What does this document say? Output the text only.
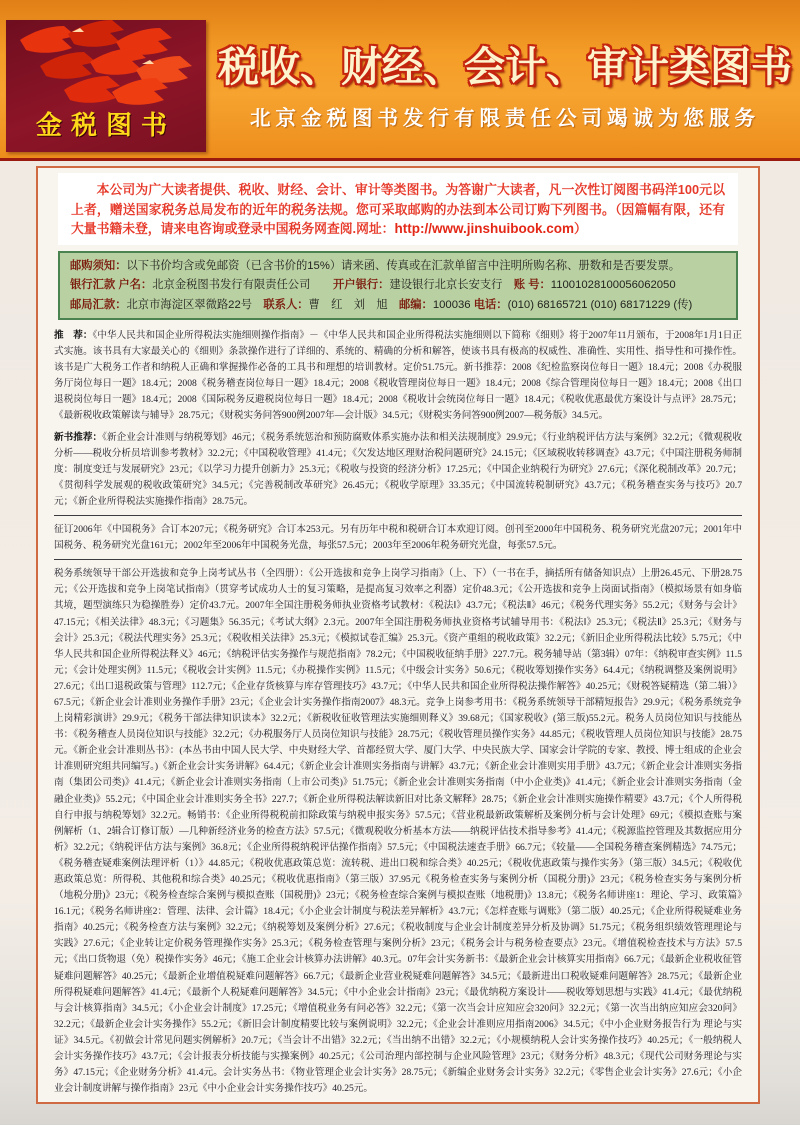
金税图书
税收、财经、会计、审计类图书
北京金税图书发行有限责任公司竭诚为您服务

本公司为广大读者提供、税收、财经、会计、审计等类图书。为答谢广大读者，凡一次性订阅图书码洋100元以上者，赠送国家税务总局发布的近年的税务法规。您可采取邮购的办法到本公司订购下列图书。（因篇幅有限，还有大量书籍未登，请来电咨询或登录中国税务网查阅.网址：http://www.jinshuibook.com）

邮购须知：以下书价均含或免邮资（已含书价的15%）请来函、传真或在汇款单留言中注明所购名称、册数和是否要发票。
银行汇款 户名：北京金税图书发行有限责任公司　　开户银行：建设银行北京长安支行　账 号：11001028100056062050
邮局汇款：北京市海淀区翠微路22号　联系人：曹　红　刘　旭　邮编：100036 电话：(010) 68165721 (010) 68171229 (传)

推　荐：《中华人民共和国企业所得税法实施细则操作指南》－《中华人民共和国企业所得税法实施细则以下简称《细则》将于2007年11月颁布，于2008年1月1日正式实施。该书具有大家最关心的《细则》条款操作进行了详细的、系统的、精确的分析和解答，使该书具有极高的权威性、准确性、实用性、指导性和可操作性。该书是广大税务工作者和纳税人正确和掌握操作必备的工具书和理想的培训教材。定价51.75元。新书推荐：2008《纪检监察岗位每日一题》18.4元；2008《办税服务厅岗位每日一题》18.4元；2008《税务稽查岗位每日一题》18.4元；2008《税收管理岗位每日一题》18.4元；2008《综合管理岗位每日一题》18.4元；2008《出口退税岗位每日一题》18.4元；2008《国际税务反避税岗位每日一题》18.4元；2008《税收计会统岗位每日一题》18.4元；《税收优惠最优方案设计与点评》28.75元；《最新税收政策解读与辅导》28.75元；《财税实务问答900例2007年—会计版》34.5元；《财税实务问答900例2007—税务版》34.5元。

新书推荐：《新企业会计准则与纳税筹划》46元；《税务系统惩治和预防腐败体系实施办法和相关法规制度》29.9元；《行业纳税评估方法与案例》32.2元；《微观税收分析——税收分析员培训参考教材》32.2元；《中国税收管理》41.4元；《欠发达地区理财治税问题研究》24.15元；《区域税收转移调查》43.7元；《中国注册税务师制度：制度变迁与发展研究》23元；《以学习力提升创新力》25.3元；《税收与投资的经济分析》17.25元；《中国企业纳税行为研究》27.6元；《深化税制改革》20.7元；《贯彻科学发展观的税收政策研究》34.5元；《完善税制改革研究》26.45元；《税收学原理》33.35元；《中国流转税制研究》43.7元；《税务稽查实务与技巧》20.7元；《新企业所得税法实施操作指南》28.75元。

征订2006年《中国税务》合订本207元；《税务研究》合订本253元。另有历年中税和税研合订本欢迎订阅。创刊至2000年中国税务、税务研究光盘207元；2001年中国税务、税务研究光盘161元；2002年至2006年中国税务光盘，每张57.5元；2003年至2006年税务研究光盘，每张57.5元。

税务系统领导干部公开选拔和竞争上岗考试丛书（全四册）：《公开选拔和竞争上岗学习指南》（上、下）（一书在手，摘括所有储备知识点）上册26.45元、下册28.75元；《公开选拔和竞争上岗笔试指南》（贯穿考试成功人士的复习策略，是提高复习效率之利器）定价48.3元；《公开选拔和竞争上岗面试指南》（模拟场景有如身临其境，题型演练只为稳操胜券）定价43.7元。2007年全国注册税务师执业资格考试教材：《税法Ⅰ》43.7元；《税法Ⅱ》46元；《税务代理实务》55.2元；《财务与会计》47.15元；《相关法律》48.3元；《习题集》56.35元；《考试大纲》2.3元。2007年全国注册税务师执业资格考试辅导用书：《税法Ⅰ》25.3元；《税法Ⅱ》25.3元；《财务与会计》25.3元；《税法代理实务》25.3元；《税收相关法律》25.3元；《模拟试卷汇编》25.3元。《资产重组的税收政策》32.2元；《新旧企业所得税法比较》5.75元；《中华人民共和国企业所得税法释义》46元；《纳税评估实务操作与规范指南》78.2元；《中国税收征纳手册》227.7元。税务辅导站（第3辑）07年：《纳税审查实例》11.5元；《会计处理实例》11.5元；《税收会计实例》11.5元；《办税操作实例》11.5元；《中级会计实务》50.6元；《税收筹划操作实务》64.4元；《纳税调整及案例说明》27.6元；《出口退税政策与管理》112.7元；《企业存货核算与库存管理技巧》43.7元；《中华人民共和国企业所得税法操作解答》40.25元；《财税答疑精选（第二辑）》67.5元；《新企业会计准则业务操作手册》23元；《企业会计实务操作指南2007》48.3元。竞争上岗参考用书：《税务系统领导干部精短报告》29.9元；《税务系统竞争上岗精彩演讲》29.9元；《税务干部法律知识读本》32.2元；《新税收征收管理法实施细则释义》39.68元；《国家税收》(第三版)55.2元。税务人员岗位知识与技能丛书：《税务稽查人员岗位知识与技能》32.2元；《办税服务厅人员岗位知识与技能》28.75元；《税收管理员操作实务》44.85元；《税收管理人员岗位知识与技能》28.75元。《新企业会计准则丛书》：(本丛书由中国人民大学、中央财经大学、首都经贸大学、厦门大学、中央民族大学、国家会计学院的专家、教授、博士组成的企业会计准则研究组共同编写。)《新企业会计实务讲解》64.4元；《新企业会计准则实务指南与讲解》43.7元；《新企业会计准则实用手册》43.7元；《新企业会计准则实务指南（集团公司类)》41.4元；《新企业会计准则实务指南（上市公司类)》51.75元；《新企业会计准则实务指南（中小企业类)》41.4元；《新企业会计准则实务指南（金融企业类)》55.2元；《中国企业会计准则实务全书》227.7；《新企业所得税法解读新旧对比条文解释》28.75；《新企业会计准则实施操作精要》43.7元；《个人所得税自行申报与纳税筹划》32.2元。畅销书：《企业所得税税前扣除政策与纳税申报实务》57.5元；《营业税最新政策解析及案例分析与会计处理》69元；《模拟查账与案例解析（1、2辑合订修订版）—几种新经济业务的检查方法》57.5元；《微观税收分析基本方法——纳税评估技术指导参考》41.4元；《税源监控管理及其数据应用分析》32.2元；《纳税评估方法与案例》36.8元；《企业所得税纳税评估操作指南》57.5元；《中国税法速查手册》66.7元；《较量——全国税务稽查案例精选》74.75元；《税务稽查疑难案例法理评析（1）》44.85元；《税收优惠政策总览：流转税、进出口税和综合类》40.25元；《税收优惠政策与操作实务》（第三版）34.5元；《税收优惠政策总览：所得税、其他税和综合类》40.25元；《税收优惠指南》（第三版）37.95元《税务检查实务与案例分析（国税分册)》23元；《税务检查实务与案例分析（地税分册)》23元；《税务检查综合案例与模拟查账（国税册)》23元；《税务检查综合案例与模拟查账（地税册)》13.8元；《税务名师讲座1：理论、学习、政策篇》16.1元；《税务名师讲座2：管理、法律、会计篇》18.4元；《小企业会计制度与税法差异解析》43.7元；《怎样查账与调账》（第二版）40.25元；《企业所得税疑难业务指南》40.25元；《税务检查方法与案例》32.2元；《纳税筹划及案例分析》27.6元；《税收制度与企业会计制度差异分析及协调》51.75元；《税务组织绩效管理理论与实践》27.6元；《企业转让定价税务管理操作实务》25.3元；《税务检查管理与案例分析》23元；《税务会计与税务检查要点》23元。《增值税检查技术与方法》57.5元；《出口货物退（免）税操作实务》46元；《施工企业会计核算办法讲解》40.3元。07年会计实务新书：《最新企业会计核算实用指南》66.7元；《最新企业税收征管疑难问题解答》40.25元；《最新企业增值税疑难问题解答》66.7元；《最新企业营业税疑难问题解答》34.5元；《最新进出口税收疑难问题解答》28.75元；《最新企业所得税疑难问题解答》41.4元；《最新个人税疑难问题解答》34.5元；《中小企业会计指南》23元；《最优纳税方案设计——税收筹划思想与实践》41.4元；《最优纳税与会计核算指南》34.5元；《小企业会计制度》17.25元；《增值税业务有问必答》32.2元；《第一次当会计应知应会320问》32.2元；《第一次当出纳应知应会320问》32.2元；《最新企业会计实务操作》55.2元；《新旧会计制度精要比较与案例说明》32.2元；《企业会计准则应用指南2006》34.5元；《中小企业财务报告行为 理论与实证》34.5元。《初做会计常见问题实例解析》20.7元；《当会计不出错》32.2元；《当出纳不出错》32.2元；《小规模纳税人会计实务操作技巧》40.25元；《一般纳税人会计实务操作技巧》43.7元；《会计报表分析技能与实操案例》40.25元；《公司治理内部控制与企业风险管理》23元；《财务分析》48.3元；《现代公司财务理论与实务》47.15元；《企业财务分析》41.4元。会计实务丛书：《物业管理企业会计实务》28.75元；《新编企业财务会计实务》32.2元；《零售企业会计实务》27.6元；《小企业会计制度讲解与操作指南》23元《中小企业会计实务操作技巧》40.25元。
